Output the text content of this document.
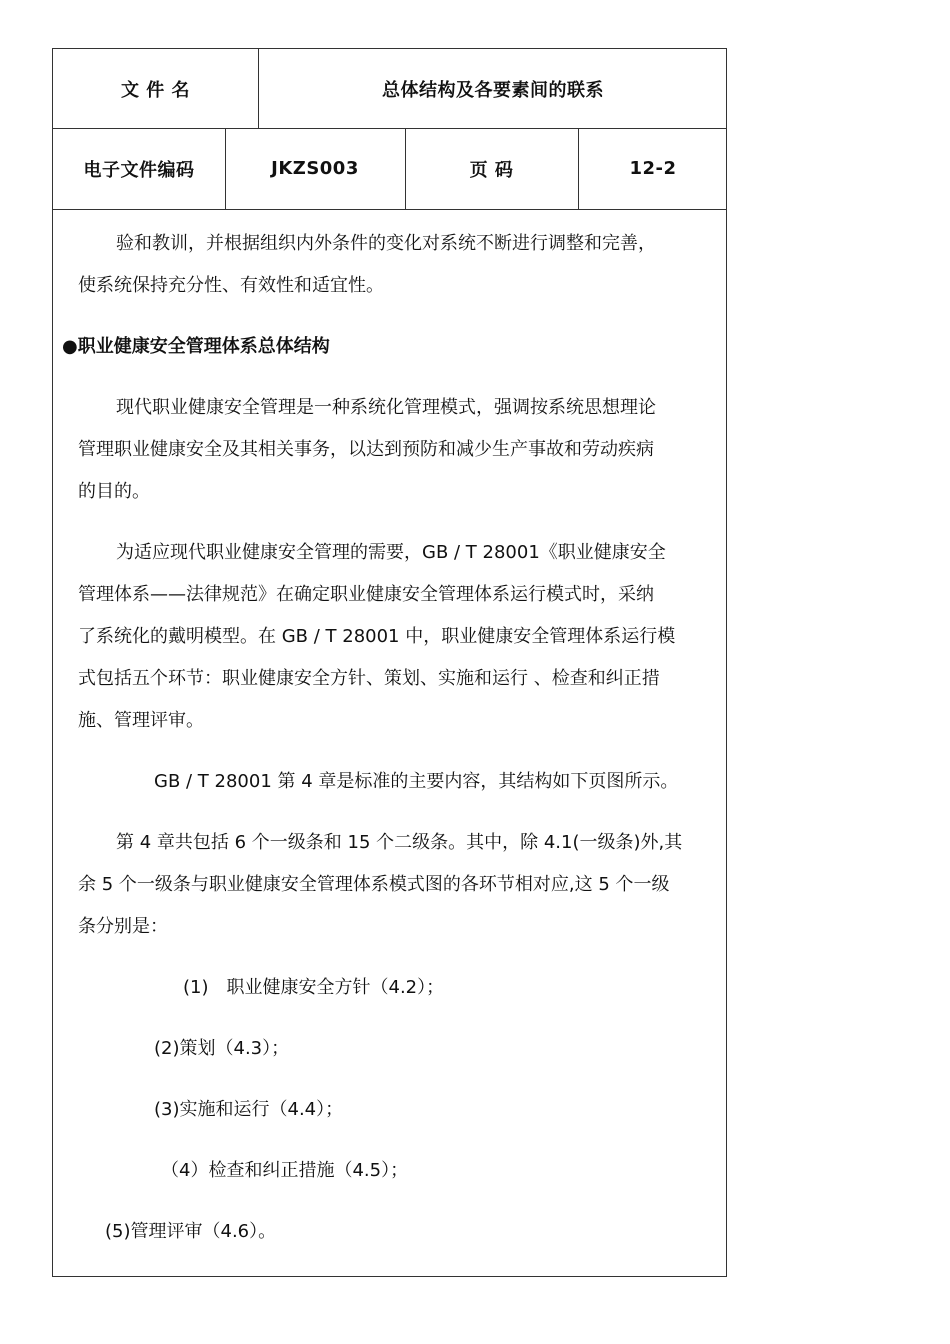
文 件 名	总体结构及各要素间的联系
电子文件编码	JKZS003	页 码	12-2
验和教训，并根据组织内外条件的变化对系统不断进行调整和完善，
使系统保持充分性、有效性和适宜性。
●职业健康安全管理体系总体结构
现代职业健康安全管理是一种系统化管理模式，强调按系统思想理论
管理职业健康安全及其相关事务，以达到预防和减少生产事故和劳动疾病
的目的。
为适应现代职业健康安全管理的需要，GB / T 28001《职业健康安全
管理体系——法律规范》在确定职业健康安全管理体系运行模式时，采纳
了系统化的戴明模型。在 GB / T 28001 中，职业健康安全管理体系运行模
式包括五个环节：职业健康安全方针、策划、实施和运行 、检查和纠正措
施、管理评审。
GB / T 28001 第 4 章是标准的主要内容，其结构如下页图所示。
第 4 章共包括 6 个一级条和 15 个二级条。其中，除 4.1(一级条)外,其
余 5 个一级条与职业健康安全管理体系模式图的各环节相对应,这 5 个一级
条分别是：
(1)　职业健康安全方针（4.2）；
(2)策划（4.3）；
(3)实施和运行（4.4）；
（4）检查和纠正措施（4.5）；
(5)管理评审（4.6）。
